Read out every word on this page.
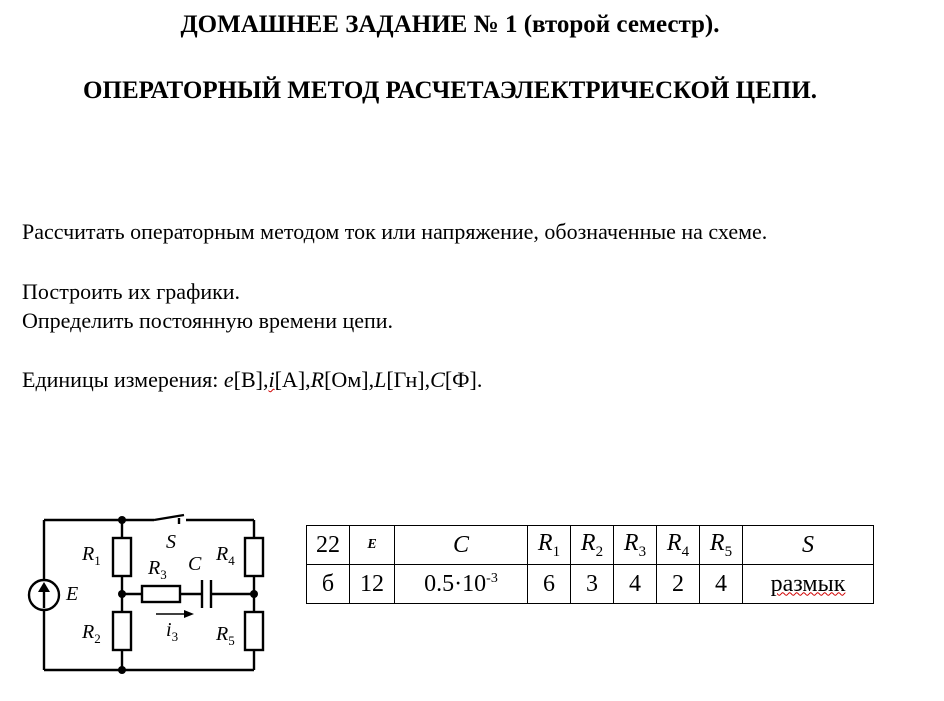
ДОМАШНЕЕ ЗАДАНИЕ № 1 (второй семестр).
ОПЕРАТОРНЫЙ МЕТОД РАСЧЕТАЭЛЕКТРИЧЕСКОЙ ЦЕПИ.
Рассчитать операторным методом ток или напряжение, обозначенные на схеме.
Построить их графики.
Определить постоянную времени цепи.
Единицы измерения: e[В],i[А],R[Ом],L[Гн],C[Ф].
$R_1$
$R_2$
$R_3$
$R_4$
$R_5$
S
C
E
$i_3$
22	E	C	$R_1$	$R_2$	$R_3$	$R_4$	$R_5$	S
б	12	$0.5\cdot 10^{-3}$	6	3	4	2	4	размык
